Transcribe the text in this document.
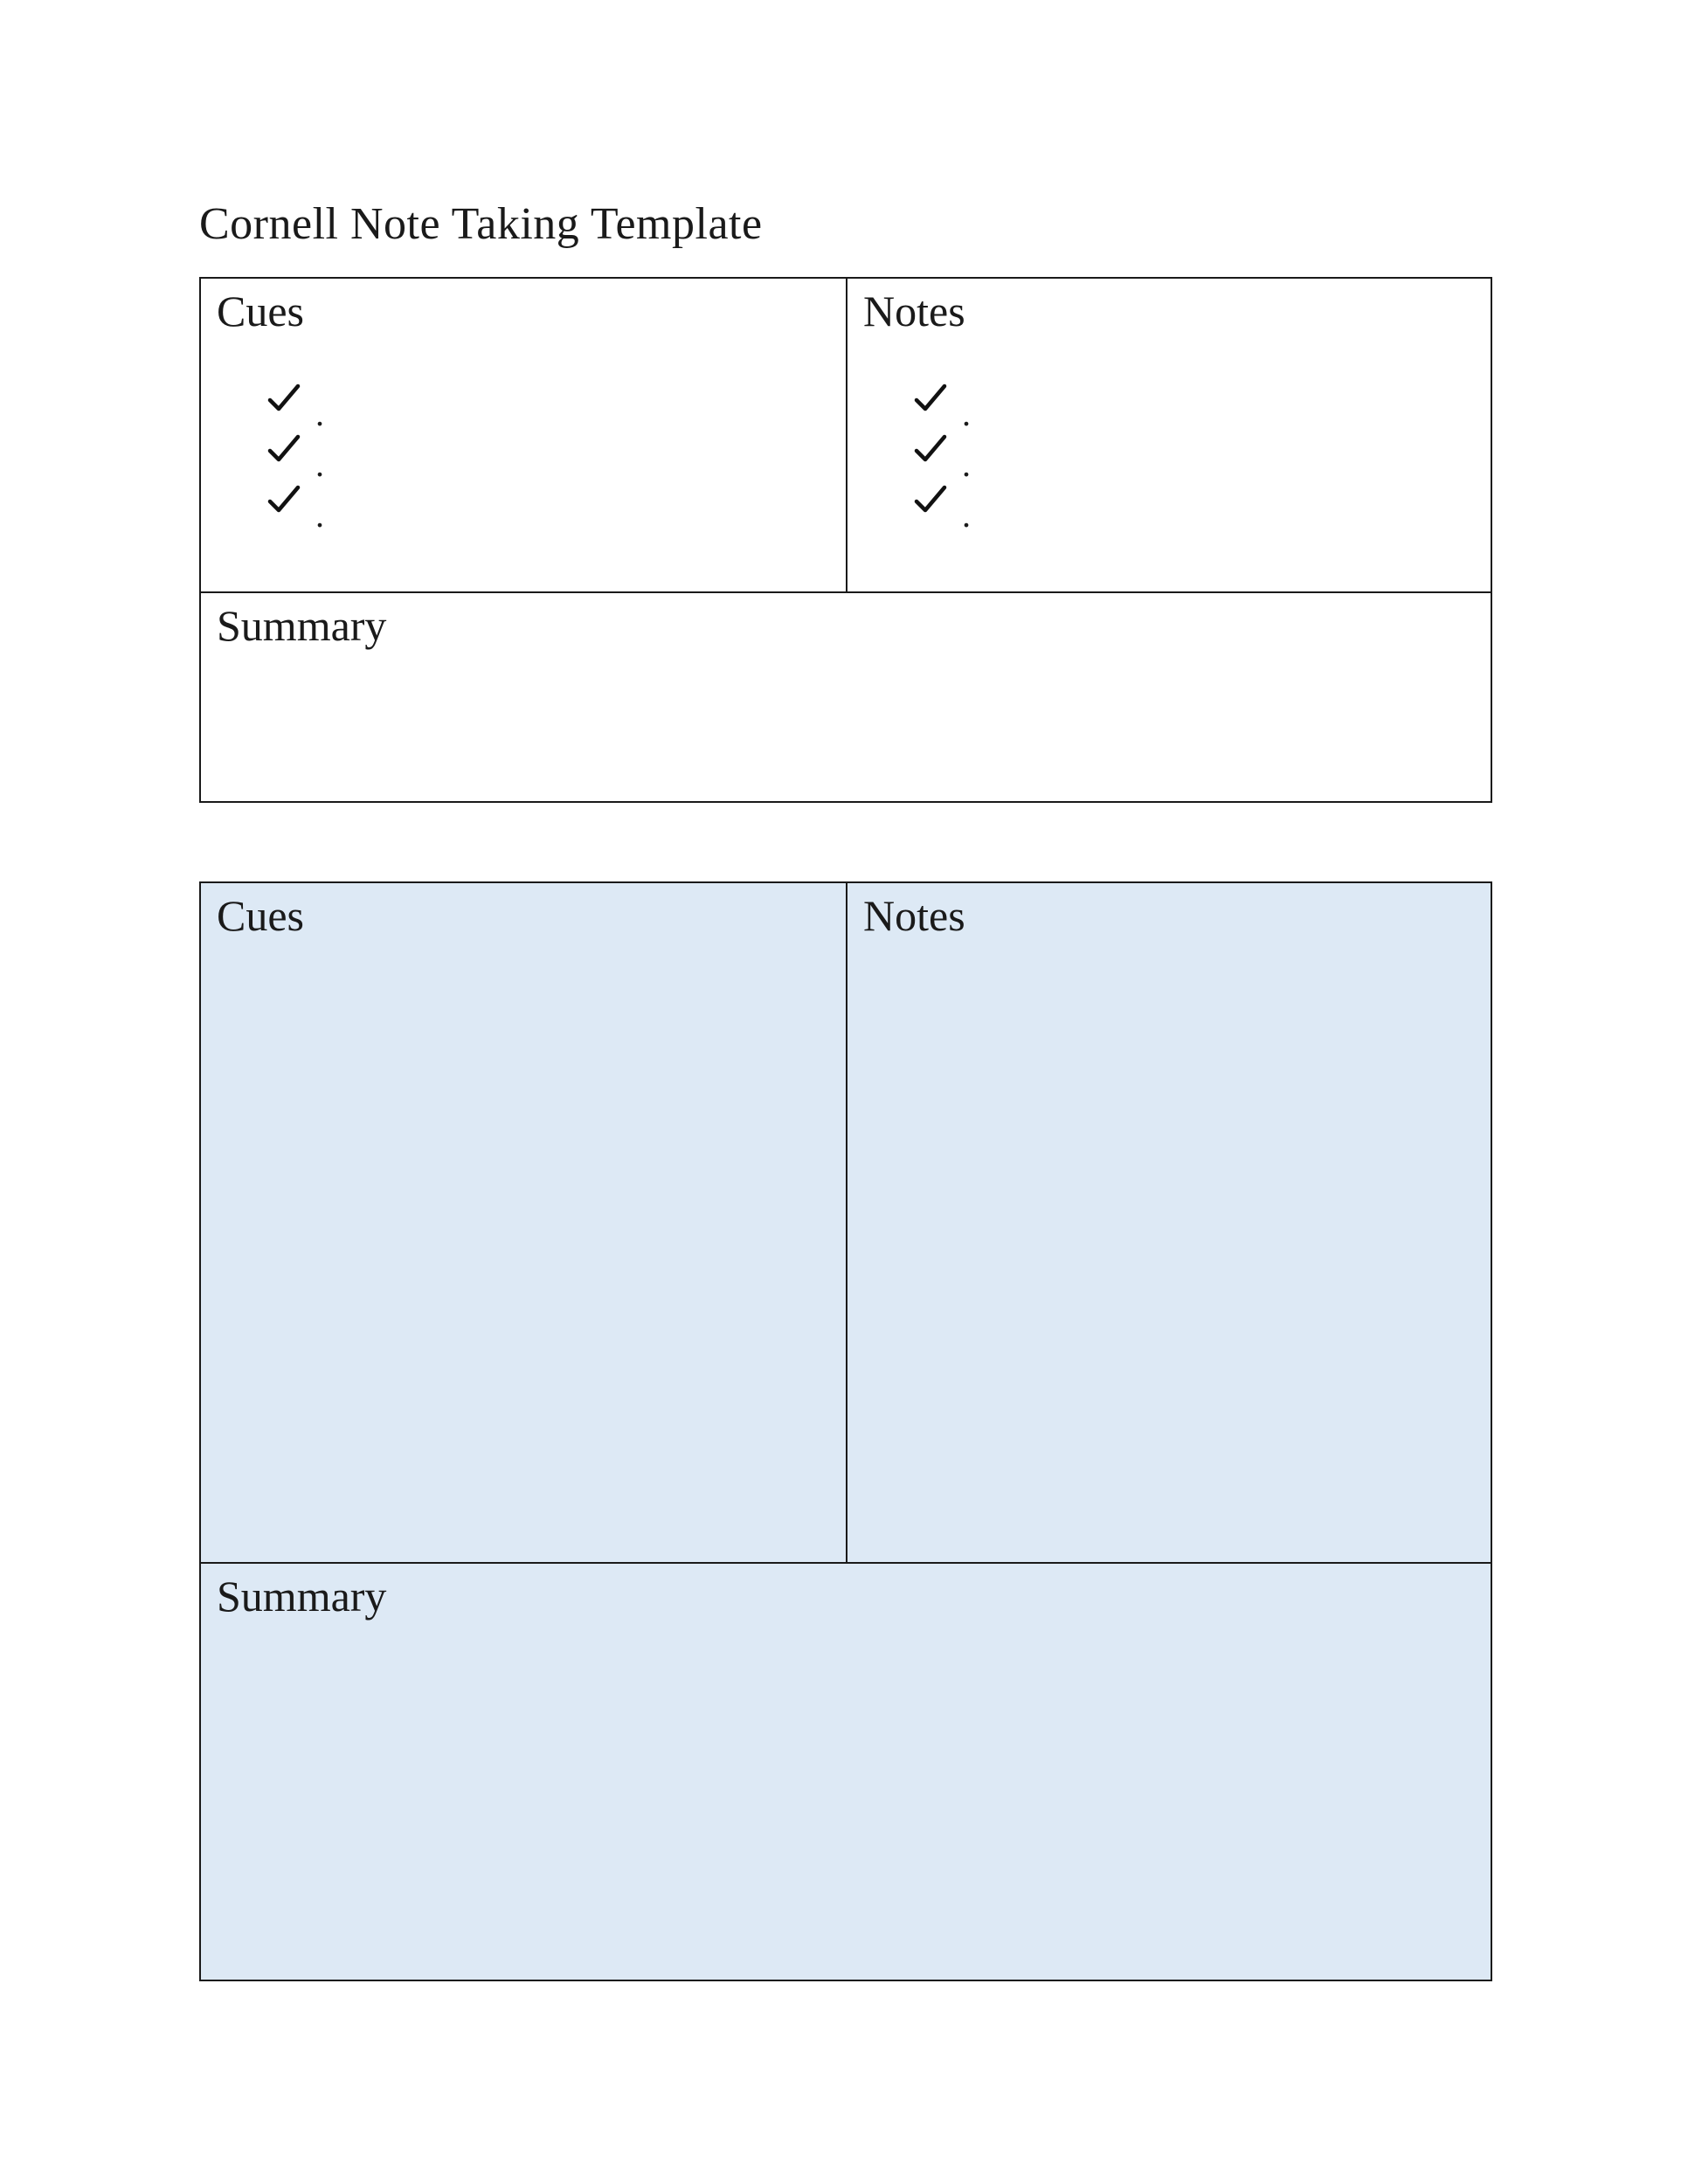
Cornell Note Taking Template
Cues
.
.
.
Notes
.
.
.
Summary
Cues	Notes
Summary
